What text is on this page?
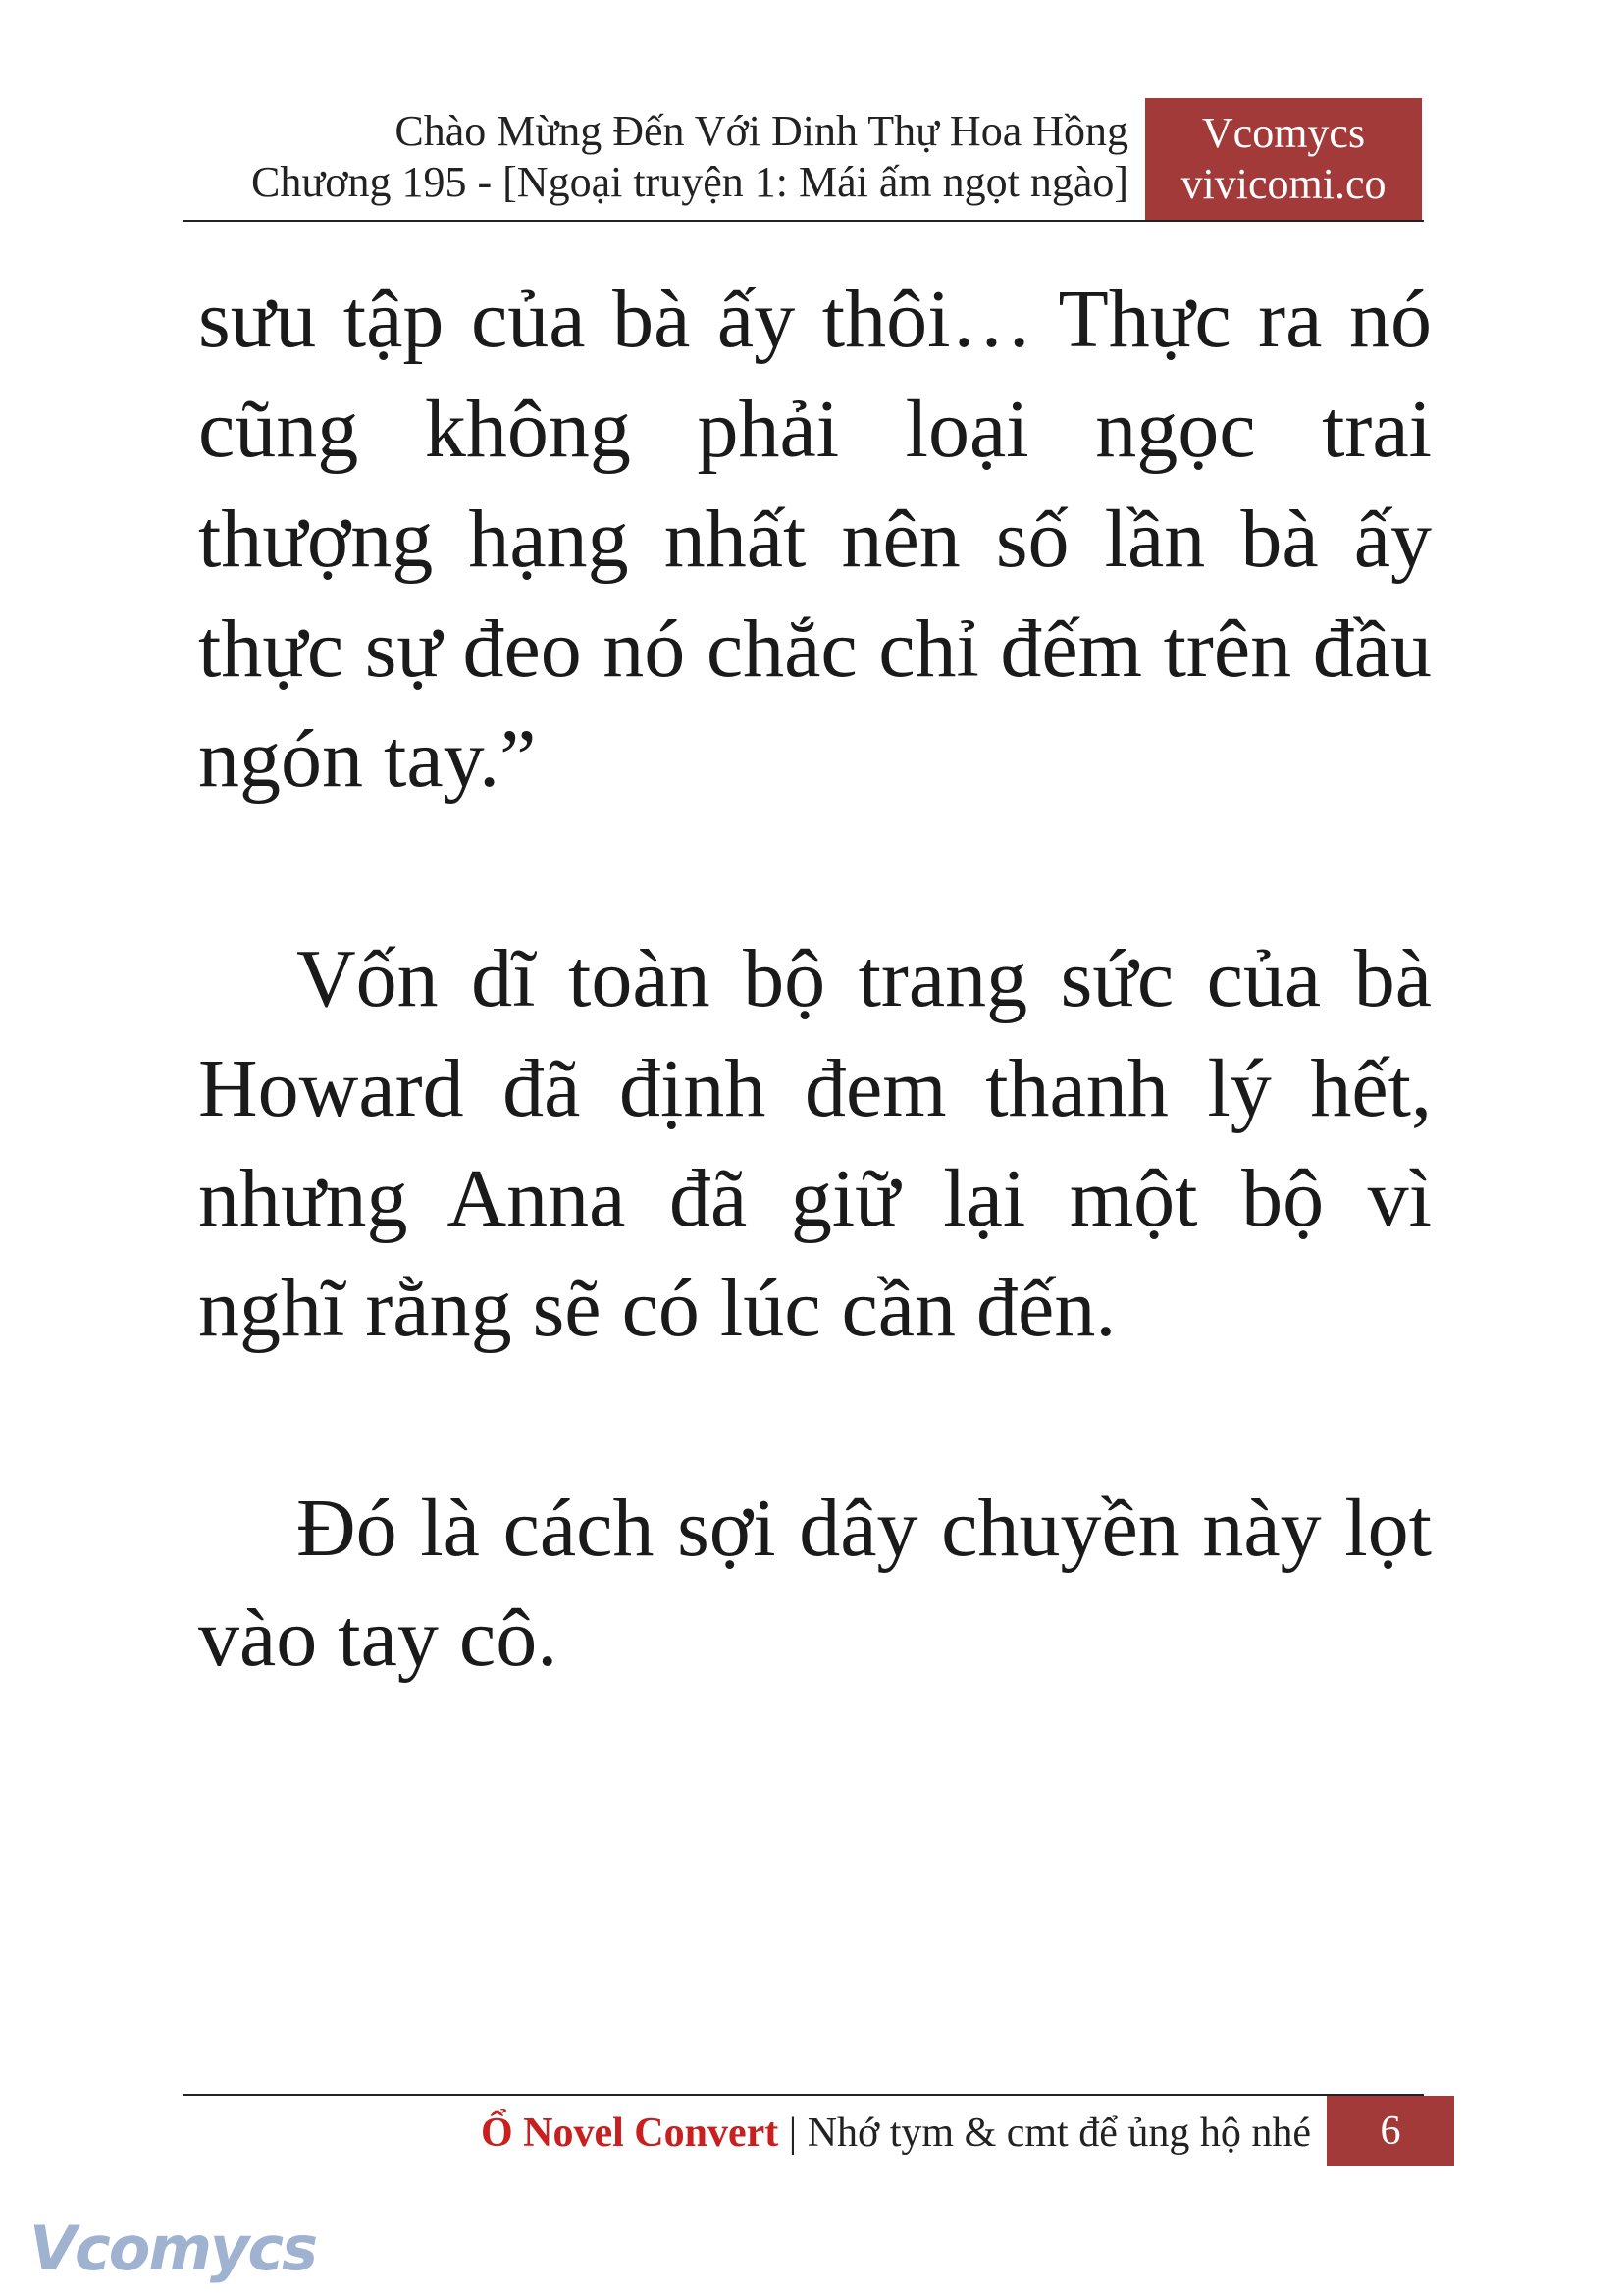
Chào Mừng Đến Với Dinh Thự Hoa Hồng
Chương 195 - [Ngoại truyện 1: Mái ấm ngọt ngào]
Vcomycs
vivicomi.co

sưu tập của bà ấy thôi… Thực ra nó cũng không phải loại ngọc trai thượng hạng nhất nên số lần bà ấy thực sự đeo nó chắc chỉ đếm trên đầu ngón tay.”

Vốn dĩ toàn bộ trang sức của bà Howard đã định đem thanh lý hết, nhưng Anna đã giữ lại một bộ vì nghĩ rằng sẽ có lúc cần đến.

Đó là cách sợi dây chuyền này lọt vào tay cô.

Ổ Novel Convert | Nhớ tym & cmt để ủng hộ nhé	6
Vcomycs
